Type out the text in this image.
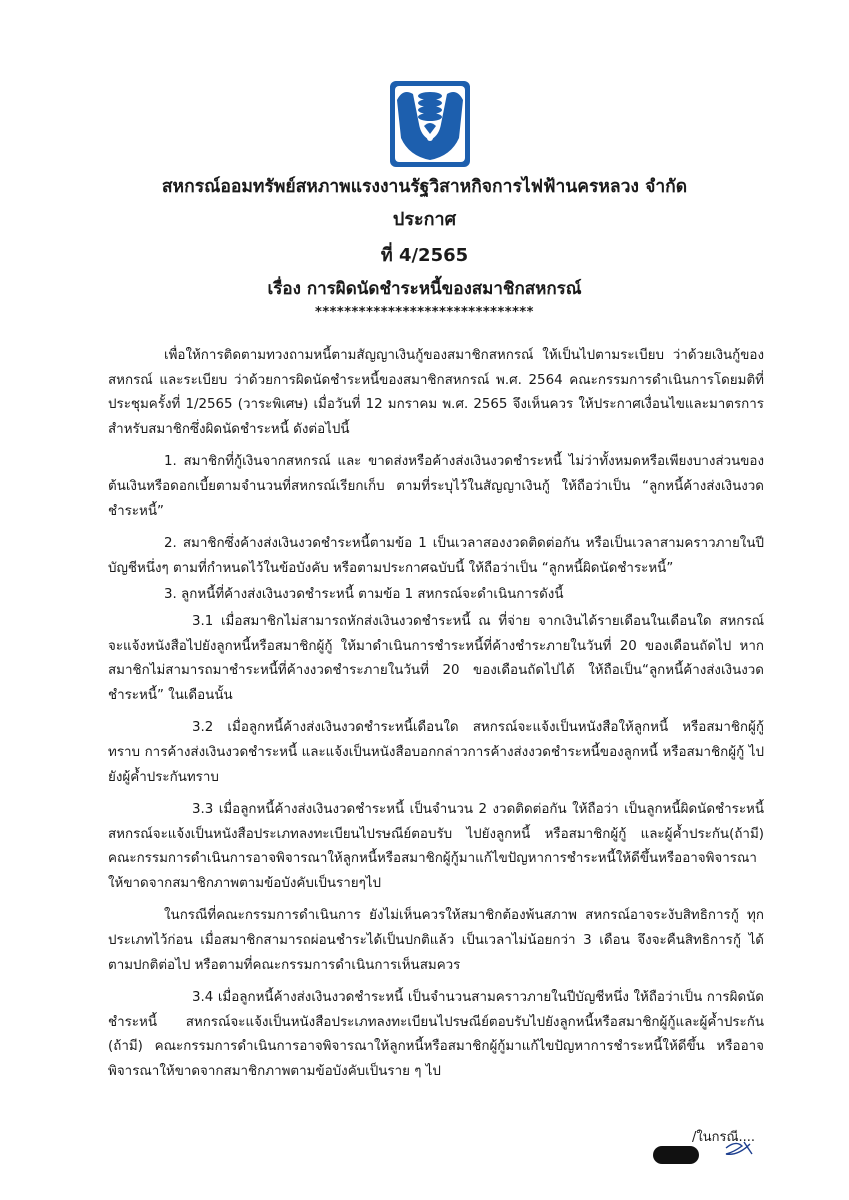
สหกรณ์ออมทรัพย์สหภาพแรงงานรัฐวิสาหกิจการไฟฟ้านครหลวง จำกัด
ประกาศ
ที่ 4/2565
เรื่อง การผิดนัดชำระหนี้ของสมาชิกสหกรณ์
******************************

เพื่อให้การติดตามทวงถามหนี้ตามสัญญาเงินกู้ของสมาชิกสหกรณ์ ให้เป็นไปตามระเบียบ ว่าด้วยเงินกู้ของสหกรณ์ และระเบียบ ว่าด้วยการผิดนัดชำระหนี้ของสมาชิกสหกรณ์ พ.ศ. 2564 คณะกรรมการดำเนินการโดยมติที่ประชุมครั้งที่ 1/2565 (วาระพิเศษ) เมื่อวันที่ 12 มกราคม พ.ศ. 2565 จึงเห็นควร ให้ประกาศเงื่อนไขและมาตรการสำหรับสมาชิกซึ่งผิดนัดชำระหนี้ ดังต่อไปนี้

1. สมาชิกที่กู้เงินจากสหกรณ์ และ ขาดส่งหรือค้างส่งเงินงวดชำระหนี้ ไม่ว่าทั้งหมดหรือเพียงบางส่วนของต้นเงินหรือดอกเบี้ยตามจำนวนที่สหกรณ์เรียกเก็บ ตามที่ระบุไว้ในสัญญาเงินกู้ ให้ถือว่าเป็น “ลูกหนี้ค้างส่งเงินงวดชำระหนี้”

2. สมาชิกซึ่งค้างส่งเงินงวดชำระหนี้ตามข้อ 1 เป็นเวลาสองงวดติดต่อกัน หรือเป็นเวลาสามคราวภายในปีบัญชีหนึ่งๆ ตามที่กำหนดไว้ในข้อบังคับ หรือตามประกาศฉบับนี้ ให้ถือว่าเป็น “ลูกหนี้ผิดนัดชำระหนี้”

3. ลูกหนี้ที่ค้างส่งเงินงวดชำระหนี้ ตามข้อ 1 สหกรณ์จะดำเนินการดังนี้

3.1 เมื่อสมาชิกไม่สามารถหักส่งเงินงวดชำระหนี้ ณ ที่จ่าย จากเงินได้รายเดือนในเดือนใด สหกรณ์จะแจ้งหนังสือไปยังลูกหนี้หรือสมาชิกผู้กู้ ให้มาดำเนินการชำระหนี้ที่ค้างชำระภายในวันที่ 20 ของเดือนถัดไป หากสมาชิกไม่สามารถมาชำระหนี้ที่ค้างงวดชำระภายในวันที่ 20 ของเดือนถัดไปได้ ให้ถือเป็น“ลูกหนี้ค้างส่งเงินงวดชำระหนี้” ในเดือนนั้น

3.2 เมื่อลูกหนี้ค้างส่งเงินงวดชำระหนี้เดือนใด สหกรณ์จะแจ้งเป็นหนังสือให้ลูกหนี้ หรือสมาชิกผู้กู้ทราบ การค้างส่งเงินงวดชำระหนี้ และแจ้งเป็นหนังสือบอกกล่าวการค้างส่งงวดชำระหนี้ของลูกหนี้ หรือสมาชิกผู้กู้ ไปยังผู้ค้ำประกันทราบ

3.3 เมื่อลูกหนี้ค้างส่งเงินงวดชำระหนี้ เป็นจำนวน 2 งวดติดต่อกัน ให้ถือว่า เป็นลูกหนี้ผิดนัดชำระหนี้ สหกรณ์จะแจ้งเป็นหนังสือประเภทลงทะเบียนไปรษณีย์ตอบรับ ไปยังลูกหนี้ หรือสมาชิกผู้กู้ และผู้ค้ำประกัน(ถ้ามี) คณะกรรมการดำเนินการอาจพิจารณาให้ลูกหนี้หรือสมาชิกผู้กู้มาแก้ไขปัญหาการชำระหนี้ให้ดีขึ้นหรืออาจพิจารณาให้ขาดจากสมาชิกภาพตามข้อบังคับเป็นรายๆไป

ในกรณีที่คณะกรรมการดำเนินการ ยังไม่เห็นควรให้สมาชิกต้องพ้นสภาพ สหกรณ์อาจระงับสิทธิการกู้ ทุกประเภทไว้ก่อน เมื่อสมาชิกสามารถผ่อนชำระได้เป็นปกติแล้ว เป็นเวลาไม่น้อยกว่า 3 เดือน จึงจะคืนสิทธิการกู้ ได้ตามปกติต่อไป หรือตามที่คณะกรรมการดำเนินการเห็นสมควร

3.4 เมื่อลูกหนี้ค้างส่งเงินงวดชำระหนี้ เป็นจำนวนสามคราวภายในปีบัญชีหนึ่ง ให้ถือว่าเป็น การผิดนัดชำระหนี้ สหกรณ์จะแจ้งเป็นหนังสือประเภทลงทะเบียนไปรษณีย์ตอบรับไปยังลูกหนี้หรือสมาชิกผู้กู้และผู้ค้ำประกัน (ถ้ามี) คณะกรรมการดำเนินการอาจพิจารณาให้ลูกหนี้หรือสมาชิกผู้กู้มาแก้ไขปัญหาการชำระหนี้ให้ดีขึ้น หรืออาจพิจารณาให้ขาดจากสมาชิกภาพตามข้อบังคับเป็นราย ๆ ไป

/ในกรณี....
